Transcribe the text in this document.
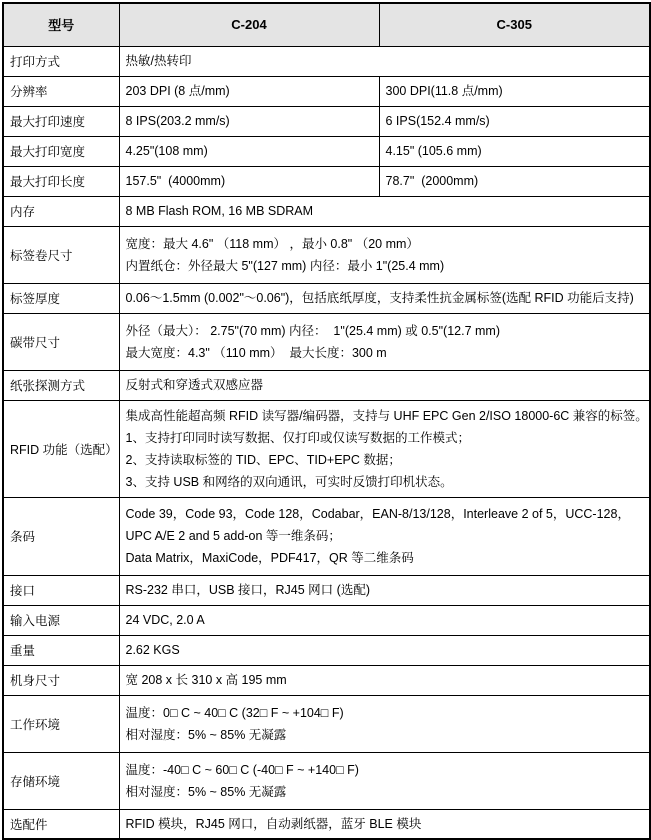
型号	C-204	C-305
打印方式	热敏/热转印	

分辨率	203 DPI (8 点/mm)	300 DPI(11.8 点/mm)

最大打印速度	8 IPS(203.2 mm/s)	6 IPS(152.4 mm/s)

最大打印宽度	4.25"(108 mm)	4.15" (105.6 mm)

最大打印长度	157.5"  (4000mm)	78.7"  (2000mm)

内存	8 MB Flash ROM, 16 MB SDRAM	

标签卷尺寸	宽度：最大 4.6" （118 mm） ，最小 0.8" （20 mm）
内置纸仓：外径最大 5"(127 mm) 内径：最小 1"(25.4 mm)	

标签厚度	0.06～1.5mm (0.002"～0.06")，包括底纸厚度，支持柔性抗金属标签(选配 RFID 功能后支持)	

碳带尺寸	外径（最大）： 2.75"(70 mm) 内径：  1"(25.4 mm) 或 0.5"(12.7 mm)
最大宽度：4.3" （110 mm）  最大长度：300 m	

纸张探测方式	反射式和穿透式双感应器	

RFID 功能（选配）	集成高性能超高频 RFID 读写器/编码器，支持与 UHF EPC Gen 2/ISO 18000-6C 兼容的标签。
1、支持打印同时读写数据、仅打印或仅读写数据的工作模式；
2、支持读取标签的 TID、EPC、TID+EPC 数据；
3、支持 USB 和网络的双向通讯，可实时反馈打印机状态。	

条码	Code 39，Code 93，Code 128，Codabar，EAN-8/13/128，Interleave 2 of 5，UCC-128，
UPC A/E 2 and 5 add-on 等一维条码；
Data Matrix，MaxiCode，PDF417，QR 等二维条码	

接口	RS-232 串口，USB 接口，RJ45 网口 (选配)	

输入电源	24 VDC, 2.0 A	

重量	2.62 KGS	

机身尺寸	宽 208 x 长 310 x 高 195 mm	

工作环境	温度：0□ C ~ 40□ C (32□ F ~ +104□ F)
相对湿度：5% ~ 85% 无凝露	

存储环境	温度：-40□ C ~ 60□ C (-40□ F ~ +140□ F)
相对湿度：5% ~ 85% 无凝露	

选配件	RFID 模块，RJ45 网口，自动剥纸器，蓝牙 BLE 模块	
